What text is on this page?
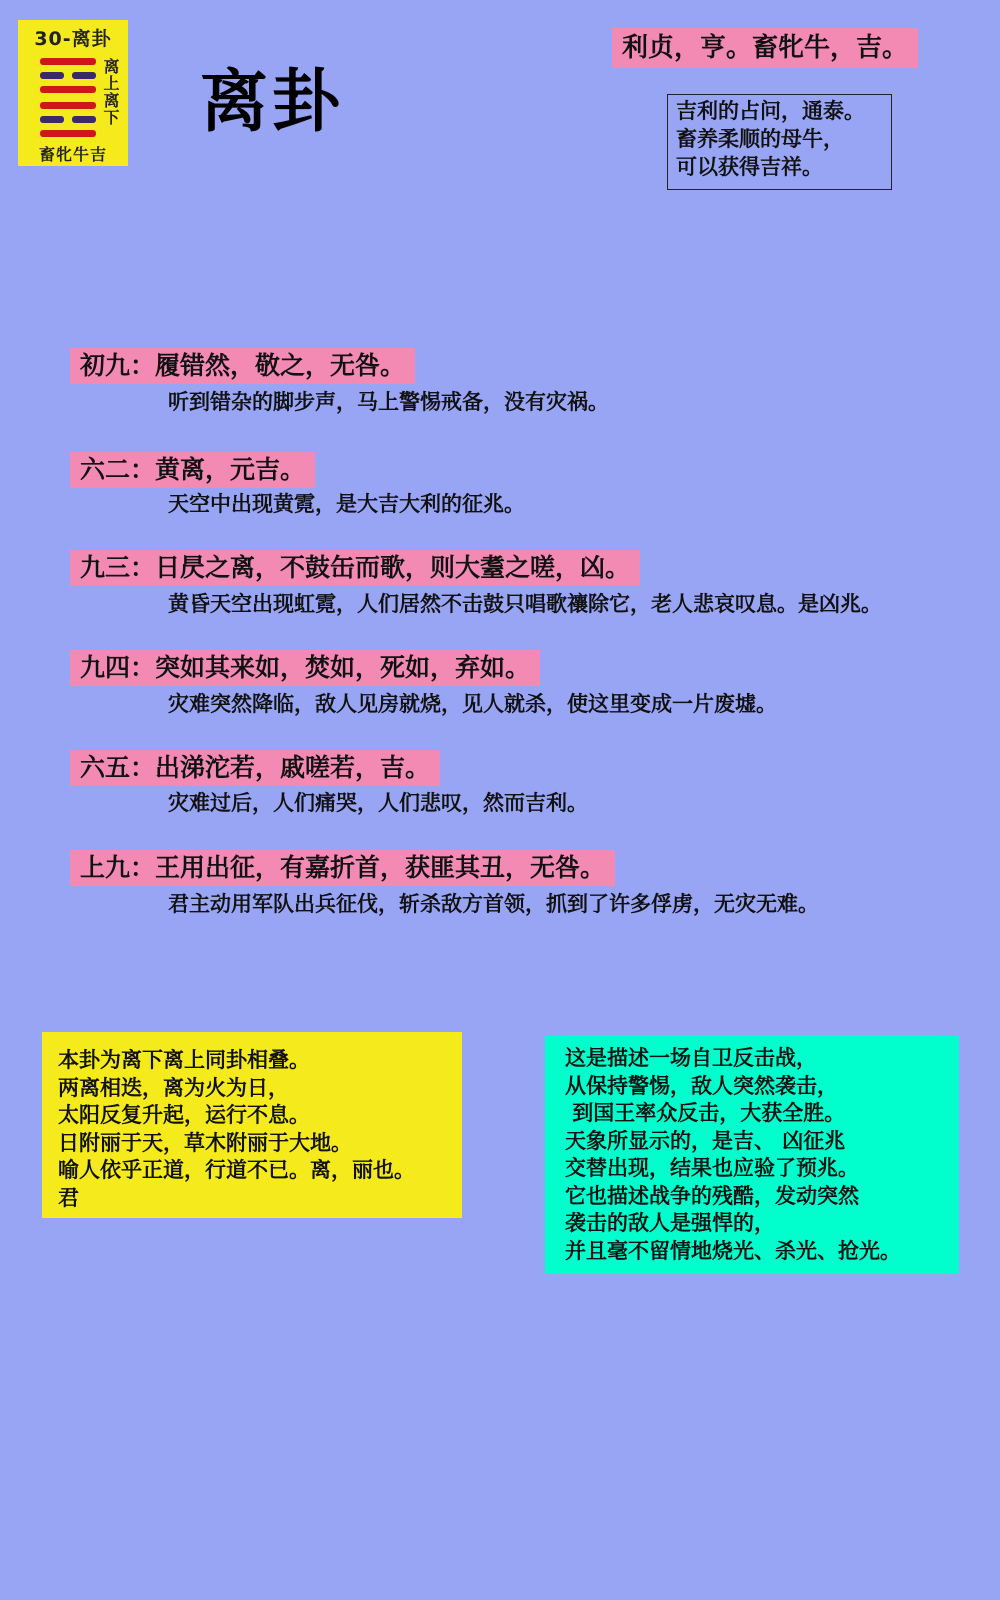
30-离卦
离上离下
畜牝牛吉
离卦
利贞，亨。畜牝牛，吉。
吉利的占问，通泰。
畜养柔顺的母牛，
可以获得吉祥。
初九：履错然，敬之，无咎。
听到错杂的脚步声，马上警惕戒备，没有灾祸。
六二：黄离，元吉。
天空中出现黄霓，是大吉大利的征兆。
九三：日昃之离，不鼓缶而歌，则大耋之嗟，凶。
黄昏天空出现虹霓，人们居然不击鼓只唱歌禳除它，老人悲哀叹息。是凶兆。
九四：突如其来如，焚如，死如，弃如。
灾难突然降临，敌人见房就烧，见人就杀，使这里变成一片废墟。
六五：出涕沱若，戚嗟若，吉。
灾难过后，人们痛哭，人们悲叹，然而吉利。
上九：王用出征，有嘉折首，获匪其丑，无咎。
君主动用军队出兵征伐，斩杀敌方首领，抓到了许多俘虏，无灾无难。
本卦为离下离上同卦相叠。
两离相迭，离为火为日，
太阳反复升起，运行不息。
日附丽于天，草木附丽于大地。
喻人依乎正道，行道不已。离，丽也。
君
这是描述一场自卫反击战，
从保持警惕，敌人突然袭击，
到国王率众反击，大获全胜。
天象所显示的，是吉、 凶征兆
交替出现，结果也应验了预兆。
它也描述战争的残酷，发动突然
袭击的敌人是强悍的，
并且毫不留情地烧光、杀光、抢光。
